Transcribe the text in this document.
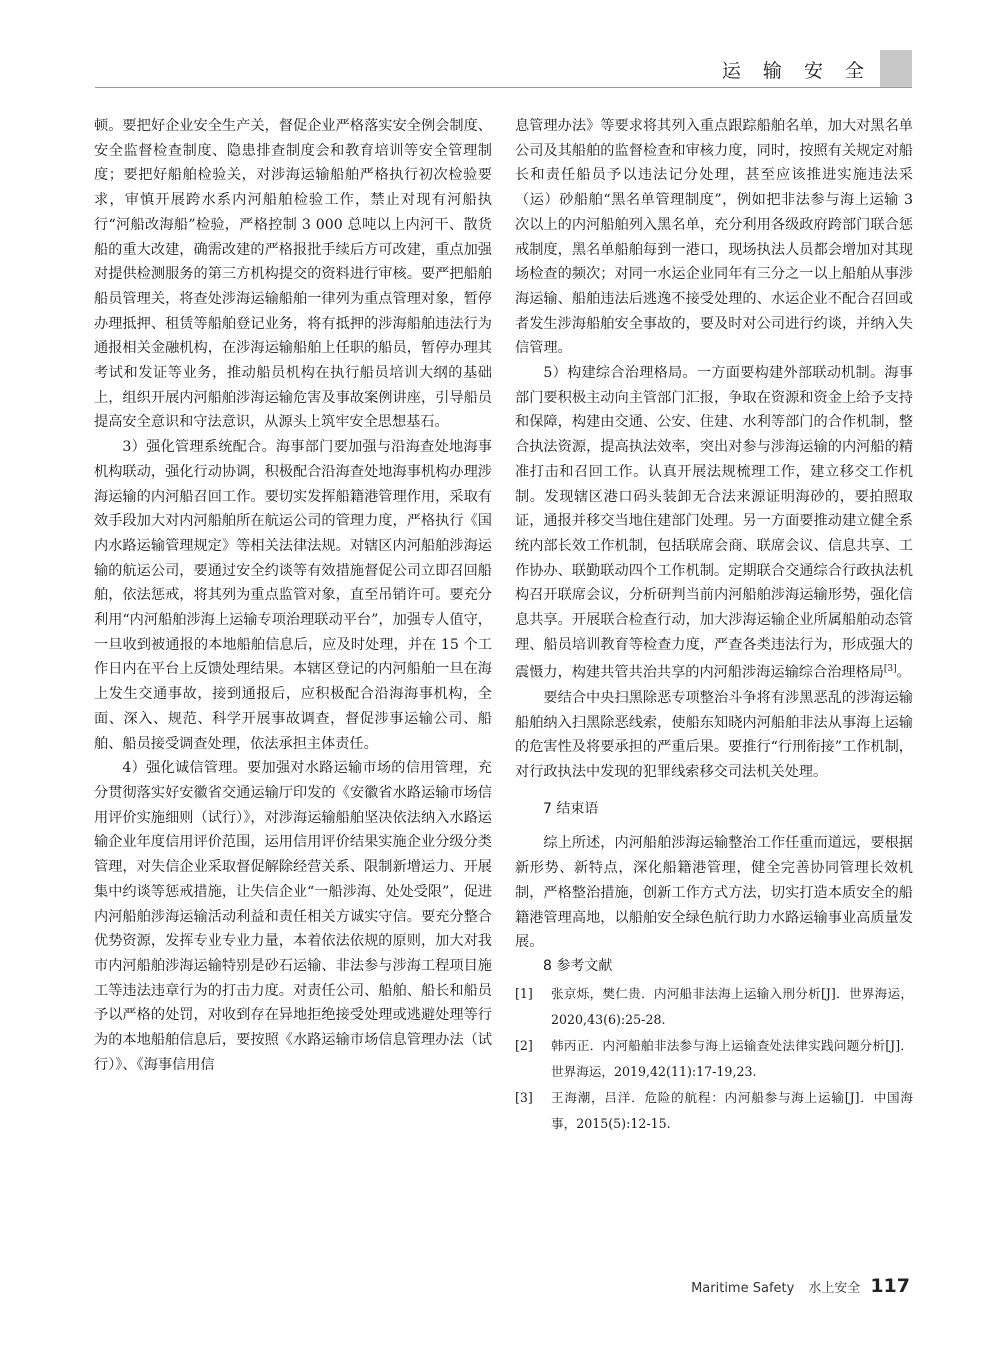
运 输 安 全

顿。要把好企业安全生产关，督促企业严格落实安全例会制度、安全监督检查制度、隐患排查制度会和教育培训等安全管理制度；要把好船舶检验关，对涉海运输船舶严格执行初次检验要求，审慎开展跨水系内河船舶检验工作，禁止对现有河船执行“河船改海船”检验，严格控制 3 000 总吨以上内河干、散货船的重大改建，确需改建的严格报批手续后方可改建，重点加强对提供检测服务的第三方机构提交的资料进行审核。要严把船舶船员管理关，将查处涉海运输船舶一律列为重点管理对象，暂停办理抵押、租赁等船舶登记业务，将有抵押的涉海船舶违法行为通报相关金融机构，在涉海运输船舶上任职的船员，暂停办理其考试和发证等业务，推动船员机构在执行船员培训大纲的基础上，组织开展内河船舶涉海运输危害及事故案例讲座，引导船员提高安全意识和守法意识，从源头上筑牢安全思想基石。

3）强化管理系统配合。海事部门要加强与沿海查处地海事机构联动，强化行动协调，积极配合沿海查处地海事机构办理涉海运输的内河船召回工作。要切实发挥船籍港管理作用，采取有效手段加大对内河船舶所在航运公司的管理力度，严格执行《国内水路运输管理规定》等相关法律法规。对辖区内河船舶涉海运输的航运公司，要通过安全约谈等有效措施督促公司立即召回船舶，依法惩戒，将其列为重点监管对象，直至吊销许可。要充分利用“内河船舶涉海上运输专项治理联动平台”，加强专人值守，一旦收到被通报的本地船舶信息后，应及时处理，并在 15 个工作日内在平台上反馈处理结果。本辖区登记的内河船舶一旦在海上发生交通事故，接到通报后，应积极配合沿海海事机构，全面、深入、规范、科学开展事故调查，督促涉事运输公司、船舶、船员接受调查处理，依法承担主体责任。

4）强化诚信管理。要加强对水路运输市场的信用管理，充分贯彻落实好安徽省交通运输厅印发的《安徽省水路运输市场信用评价实施细则（试行）》，对涉海运输船舶坚决依法纳入水路运输企业年度信用评价范围，运用信用评价结果实施企业分级分类管理，对失信企业采取督促解除经营关系、限制新增运力、开展集中约谈等惩戒措施，让失信企业“一船涉海、处处受限”，促进内河船舶涉海运输活动利益和责任相关方诚实守信。要充分整合优势资源，发挥专业专业力量，本着依法依规的原则，加大对我市内河船舶涉海运输特别是砂石运输、非法参与涉海工程项目施工等违法违章行为的打击力度。对责任公司、船舶、船长和船员予以严格的处罚，对收到存在异地拒绝接受处理或逃避处理等行为的本地船舶信息后，要按照《水路运输市场信息管理办法（试行）》、《海事信用信

息管理办法》等要求将其列入重点跟踪船舶名单，加大对黑名单公司及其船舶的监督检查和审核力度，同时，按照有关规定对船长和责任船员予以违法记分处理，甚至应该推进实施违法采（运）砂船舶“黑名单管理制度”，例如把非法参与海上运输 3 次以上的内河船舶列入黑名单，充分利用各级政府跨部门联合惩戒制度，黑名单船舶每到一港口，现场执法人员都会增加对其现场检查的频次；对同一水运企业同年有三分之一以上船舶从事涉海运输、船舶违法后逃逸不接受处理的、水运企业不配合召回或者发生涉海船舶安全事故的，要及时对公司进行约谈，并纳入失信管理。

5）构建综合治理格局。一方面要构建外部联动机制。海事部门要积极主动向主管部门汇报，争取在资源和资金上给予支持和保障，构建由交通、公安、住建、水利等部门的合作机制，整合执法资源，提高执法效率，突出对参与涉海运输的内河船的精准打击和召回工作。认真开展法规梳理工作，建立移交工作机制。发现辖区港口码头装卸无合法来源证明海砂的，要拍照取证，通报并移交当地住建部门处理。另一方面要推动建立健全系统内部长效工作机制，包括联席会商、联席会议、信息共享、工作协办、联勤联动四个工作机制。定期联合交通综合行政执法机构召开联席会议，分析研判当前内河船舶涉海运输形势，强化信息共享。开展联合检查行动，加大涉海运输企业所属船舶动态管理、船员培训教育等检查力度，严查各类违法行为，形成强大的震慑力，构建共管共治共享的内河船涉海运输综合治理格局[3]。

要结合中央扫黑除恶专项整治斗争将有涉黑恶乱的涉海运输船舶纳入扫黑除恶线索，使船东知晓内河船舶非法从事海上运输的危害性及将要承担的严重后果。要推行“行刑衔接”工作机制，对行政执法中发现的犯罪线索移交司法机关处理。

7 结束语

综上所述，内河船舶涉海运输整治工作任重而道远，要根据新形势、新特点，深化船籍港管理，健全完善协同管理长效机制，严格整治措施，创新工作方式方法，切实打造本质安全的船籍港管理高地，以船舶安全绿色航行助力水路运输事业高质量发展。

8 参考文献
[1]	张京烁，樊仁贵．内河船非法海上运输入刑分析[J]．世界海运，2020,43(6):25-28.
[2]	韩丙正．内河船舶非法参与海上运输查处法律实践问题分析[J]．世界海运，2019,42(11):17-19,23.
[3]	王海潮，吕洋．危险的航程：内河船参与海上运输[J]．中国海事，2015(5):12-15.
Maritime Safety 水上安全 117
